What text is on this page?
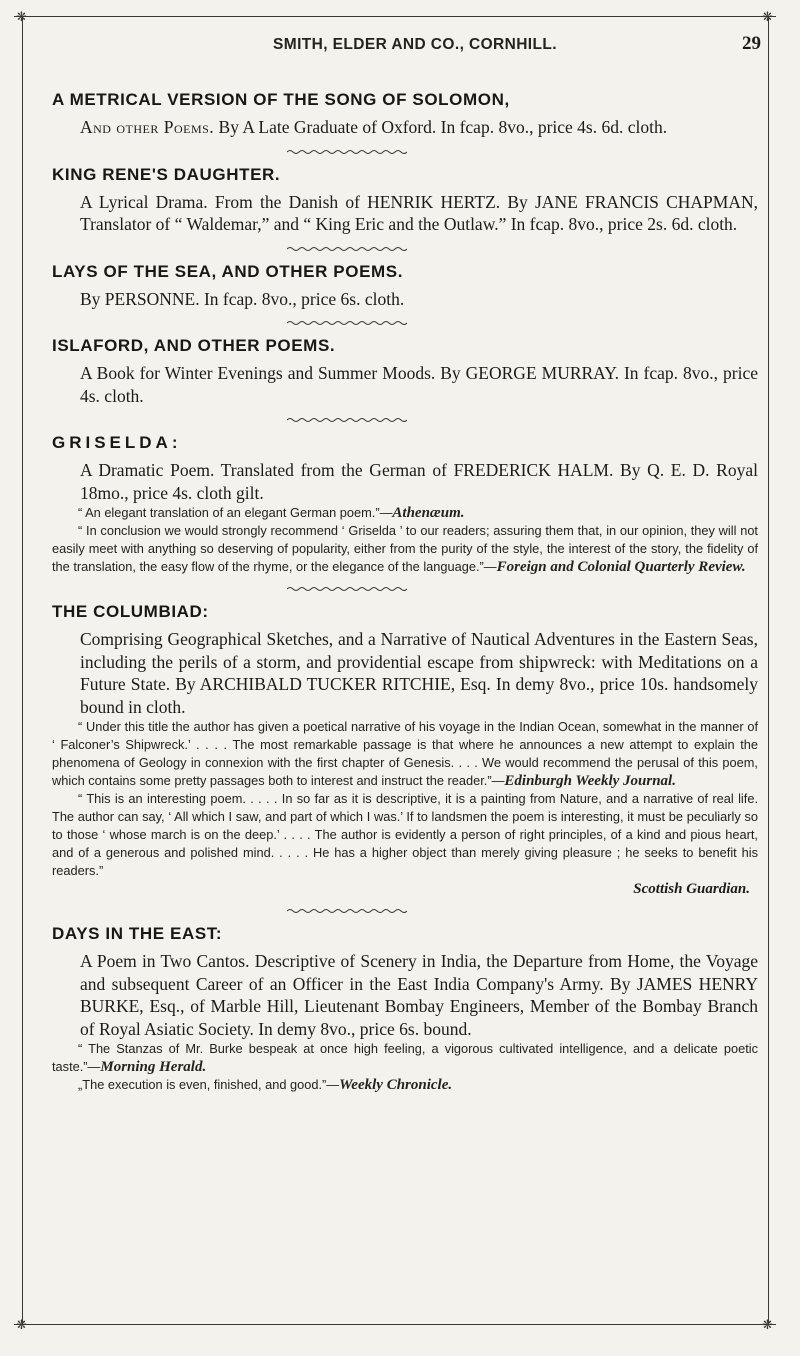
❋	❋
❋	❋
SMITH, ELDER AND CO., CORNHILL.	29
A METRICAL VERSION OF THE SONG OF SOLOMON,

And other Poems. By A Late Graduate of Oxford. In fcap. 8vo., price 4s. 6d. cloth.

KING RENE'S DAUGHTER.

A Lyrical Drama. From the Danish of HENRIK HERTZ. By JANE FRANCIS CHAPMAN, Translator of “ Waldemar,” and “ King Eric and the Outlaw.” In fcap. 8vo., price 2s. 6d. cloth.

LAYS OF THE SEA, AND OTHER POEMS.

By PERSONNE. In fcap. 8vo., price 6s. cloth.

ISLAFORD, AND OTHER POEMS.

A Book for Winter Evenings and Summer Moods. By GEORGE MURRAY. In fcap. 8vo., price 4s. cloth.

GRISELDA:

A Dramatic Poem. Translated from the German of FREDERICK HALM. By Q. E. D. Royal 18mo., price 4s. cloth gilt.

“ An elegant translation of an elegant German poem.”—Athenæum.

“ In conclusion we would strongly recommend ‘ Griselda ’ to our readers; assuring them that, in our opinion, they will not easily meet with anything so deserving of popularity, either from the purity of the style, the interest of the story, the fidelity of the translation, the easy flow of the rhyme, or the elegance of the language.”—Foreign and Colonial Quarterly Review.

THE COLUMBIAD:

Comprising Geographical Sketches, and a Narrative of Nautical Adventures in the Eastern Seas, including the perils of a storm, and providential escape from shipwreck: with Meditations on a Future State. By ARCHIBALD TUCKER RITCHIE, Esq. In demy 8vo., price 10s. handsomely bound in cloth.

“ Under this title the author has given a poetical narrative of his voyage in the Indian Ocean, somewhat in the manner of ‘ Falconer’s Shipwreck.’ . . . . The most remarkable passage is that where he announces a new attempt to explain the phenomena of Geology in connexion with the first chapter of Genesis. . . . We would recommend the perusal of this poem, which contains some pretty passages both to interest and instruct the reader.”—Edinburgh Weekly Journal.

“ This is an interesting poem. . . . . In so far as it is descriptive, it is a painting from Nature, and a narrative of real life. The author can say, ‘ All which I saw, and part of which I was.’ If to landsmen the poem is interesting, it must be peculiarly so to those ‘ whose march is on the deep.’ . . . . The author is evidently a person of right principles, of a kind and pious heart, and of a generous and polished mind. . . . . He has a higher object than merely giving pleasure ; he seeks to benefit his readers.”

Scottish Guardian.

DAYS IN THE EAST:

A Poem in Two Cantos. Descriptive of Scenery in India, the Departure from Home, the Voyage and subsequent Career of an Officer in the East India Company's Army. By JAMES HENRY BURKE, Esq., of Marble Hill, Lieutenant Bombay Engineers, Member of the Bombay Branch of Royal Asiatic Society. In demy 8vo., price 6s. bound.

“ The Stanzas of Mr. Burke bespeak at once high feeling, a vigorous cultivated intelligence, and a delicate poetic taste.”—Morning Herald.

„The execution is even, finished, and good.”—Weekly Chronicle.
